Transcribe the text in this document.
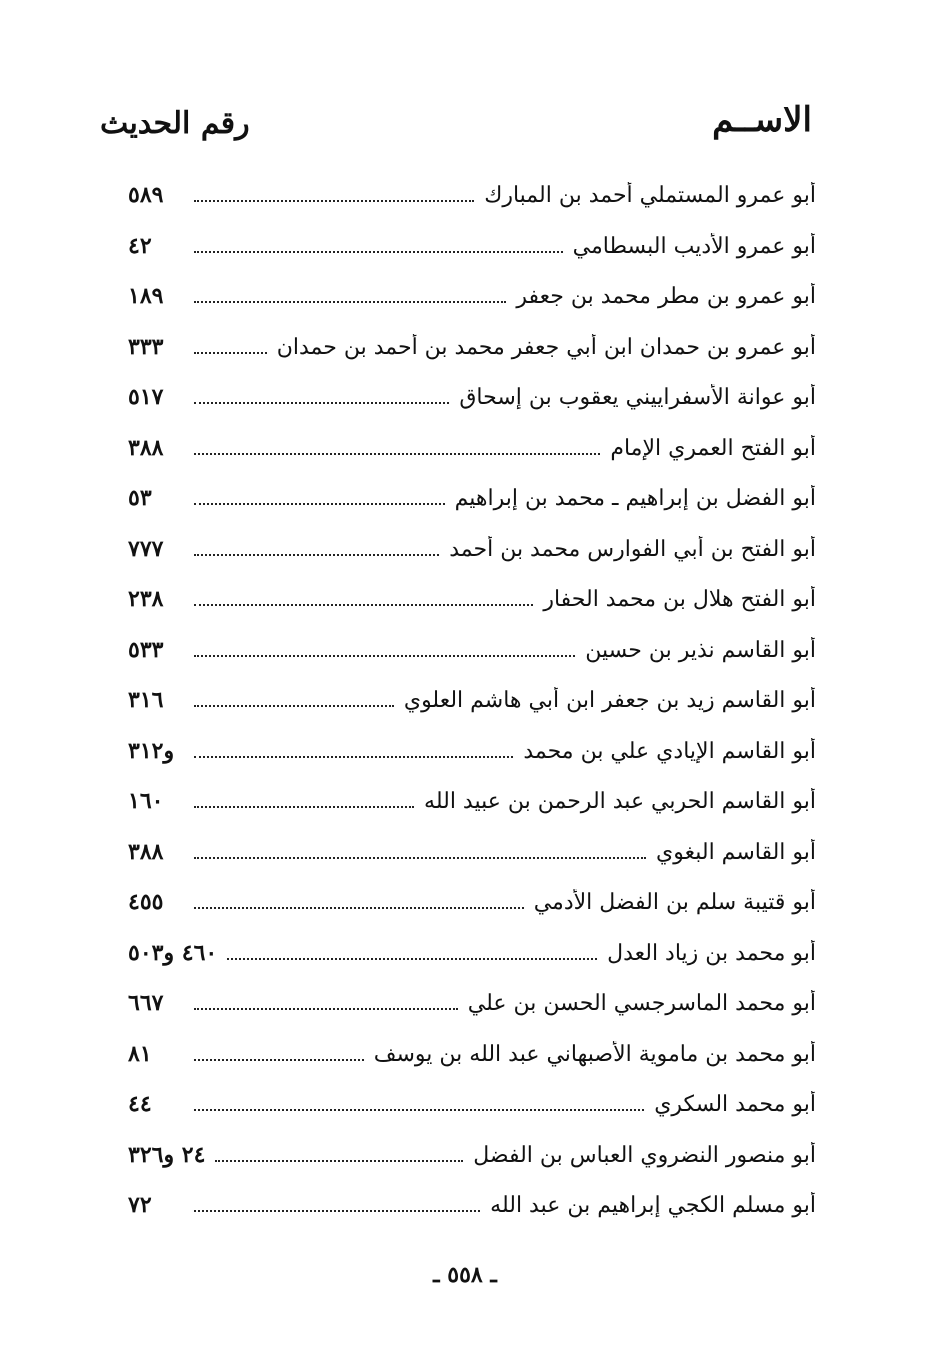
الاســم
رقم الحديث
أبو عمرو المستملي أحمد بن المبارك
٥٨٩
أبو عمرو الأديب البسطامي
٤٢
أبو عمرو بن مطر محمد بن جعفر
١٨٩
أبو عمرو بن حمدان ابن أبي جعفر محمد بن أحمد بن حمدان
٣٣٣
أبو عوانة الأسفراييني يعقوب بن إسحاق
٥١٧
أبو الفتح العمري الإمام
٣٨٨
أبو الفضل بن إبراهيم ـ محمد بن إبراهيم
٥٣
أبو الفتح بن أبي الفوارس محمد بن أحمد
٧٧٧
أبو الفتح هلال بن محمد الحفار
٢٣٨
أبو القاسم نذير بن حسين
٥٣٣
أبو القاسم زيد بن جعفر ابن أبي هاشم العلوي
٣١٦
أبو القاسم الإيادي علي بن محمد
و٣١٢
أبو القاسم الحربي عبد الرحمن بن عبيد الله
١٦٠
أبو القاسم البغوي
٣٨٨
أبو قتيبة سلم بن الفضل الأدمي
٤٥٥
أبو محمد بن زياد العدل
٤٦٠ و٥٠٣
أبو محمد الماسرجسي الحسن بن علي
٦٦٧
أبو محمد بن ماموية الأصبهاني عبد الله بن يوسف
٨١
أبو محمد السكري
٤٤
أبو منصور النضروي العباس بن الفضل
٢٤ و٣٢٦
أبو مسلم الكجي إبراهيم بن عبد الله
٧٢
ـ ٥٥٨ ـ
